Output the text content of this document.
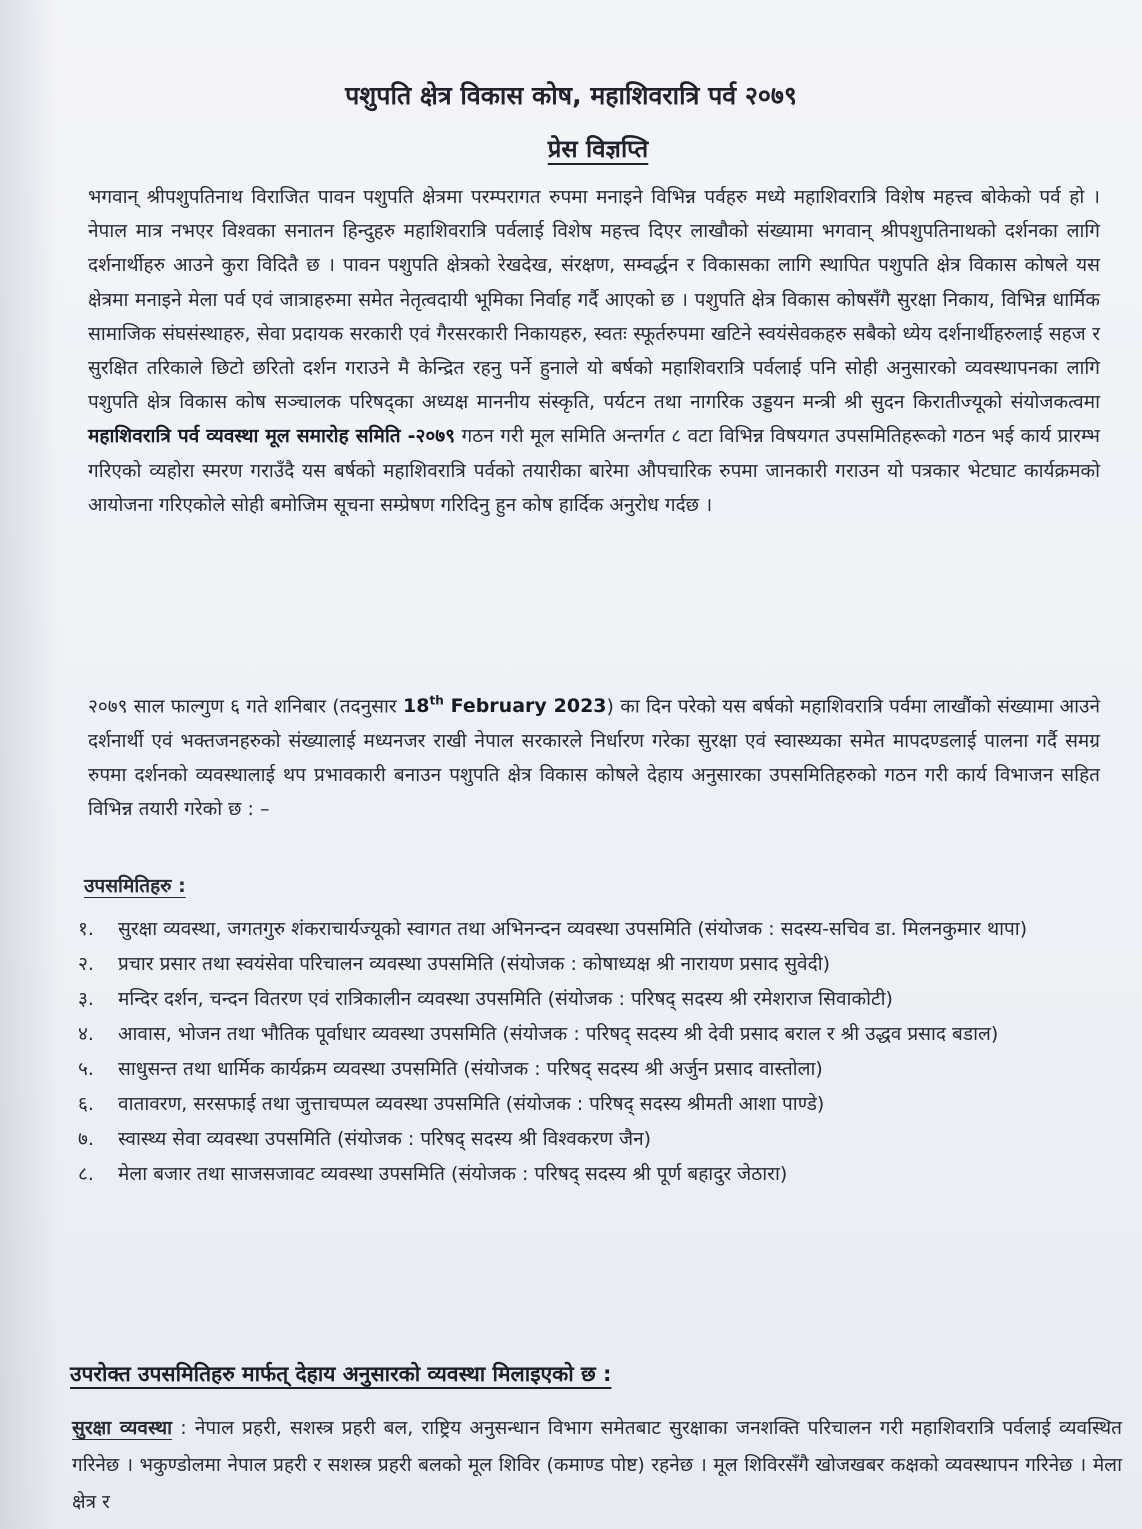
पशुपति क्षेत्र विकास कोष, महाशिवरात्रि पर्व २०७९
प्रेस विज्ञप्ति
भगवान् श्रीपशुपतिनाथ विराजित पावन पशुपति क्षेत्रमा परम्परागत रुपमा मनाइने विभिन्न पर्वहरु मध्ये महाशिवरात्रि विशेष महत्त्व बोकेको पर्व हो । नेपाल मात्र नभएर विश्वका सनातन हिन्दुहरु महाशिवरात्रि पर्वलाई विशेष महत्त्व दिएर लाखौको संख्यामा भगवान् श्रीपशुपतिनाथको दर्शनका लागि दर्शनार्थीहरु आउने कुरा विदितै छ । पावन पशुपति क्षेत्रको रेखदेख, संरक्षण, सम्वर्द्धन र विकासका लागि स्थापित पशुपति क्षेत्र विकास कोषले यस क्षेत्रमा मनाइने मेला पर्व एवं जात्राहरुमा समेत नेतृत्वदायी भूमिका निर्वाह गर्दै आएको छ । पशुपति क्षेत्र विकास कोषसँगै सुरक्षा निकाय, विभिन्न धार्मिक सामाजिक संघसंस्थाहरु, सेवा प्रदायक सरकारी एवं गैरसरकारी निकायहरु, स्वतः स्फूर्तरुपमा खटिने स्वयंसेवकहरु सबैको ध्येय दर्शनार्थीहरुलाई सहज र सुरक्षित तरिकाले छिटो छरितो दर्शन गराउने मै केन्द्रित रहनु पर्ने हुनाले यो बर्षको महाशिवरात्रि पर्वलाई पनि सोही अनुसारको व्यवस्थापनका लागि पशुपति क्षेत्र विकास कोष सञ्चालक परिषद्का अध्यक्ष माननीय संस्कृति, पर्यटन तथा नागरिक उड्डयन मन्त्री श्री सुदन किरातीज्यूको संयोजकत्वमा महाशिवरात्रि पर्व व्यवस्था मूल समारोह समिति -२०७९ गठन गरी मूल समिति अन्तर्गत ८ वटा विभिन्न विषयगत उपसमितिहरूको गठन भई कार्य प्रारम्भ गरिएको व्यहोरा स्मरण गराउँदै यस बर्षको महाशिवरात्रि पर्वको तयारीका बारेमा औपचारिक रुपमा जानकारी गराउन यो पत्रकार भेटघाट कार्यक्रमको आयोजना गरिएकोले सोही बमोजिम सूचना सम्प्रेषण गरिदिनु हुन कोष हार्दिक अनुरोध गर्दछ ।
२०७९ साल फाल्गुण ६ गते शनिबार (तदनुसार 18th February 2023) का दिन परेको यस बर्षको महाशिवरात्रि पर्वमा लाखौंको संख्यामा आउने दर्शनार्थी एवं भक्तजनहरुको संख्यालाई मध्यनजर राखी नेपाल सरकारले निर्धारण गरेका सुरक्षा एवं स्वास्थ्यका समेत मापदण्डलाई पालना गर्दै समग्र रुपमा दर्शनको व्यवस्थालाई थप प्रभावकारी बनाउन पशुपति क्षेत्र विकास कोषले देहाय अनुसारका उपसमितिहरुको गठन गरी कार्य विभाजन सहित विभिन्न तयारी गरेको छ : –
उपसमितिहरु :
१. सुरक्षा व्यवस्था, जगतगुरु शंकराचार्यज्यूको स्वागत तथा अभिनन्दन व्यवस्था उपसमिति (संयोजक : सदस्य-सचिव डा. मिलनकुमार थापा)
२. प्रचार प्रसार तथा स्वयंसेवा परिचालन व्यवस्था उपसमिति (संयोजक : कोषाध्यक्ष श्री नारायण प्रसाद सुवेदी)
३. मन्दिर दर्शन, चन्दन वितरण एवं रात्रिकालीन व्यवस्था उपसमिति (संयोजक : परिषद् सदस्य श्री रमेशराज सिवाकोटी)
४. आवास, भोजन तथा भौतिक पूर्वाधार व्यवस्था उपसमिति (संयोजक : परिषद् सदस्य श्री देवी प्रसाद बराल र श्री उद्धव प्रसाद बडाल)
५. साधुसन्त तथा धार्मिक कार्यक्रम व्यवस्था उपसमिति (संयोजक : परिषद् सदस्य श्री अर्जुन प्रसाद वास्तोला)
६. वातावरण, सरसफाई तथा जुत्ताचप्पल व्यवस्था उपसमिति (संयोजक : परिषद् सदस्य श्रीमती आशा पाण्डे)
७. स्वास्थ्य सेवा व्यवस्था उपसमिति (संयोजक : परिषद् सदस्य श्री विश्वकरण जैन)
८. मेला बजार तथा साजसजावट व्यवस्था उपसमिति (संयोजक : परिषद् सदस्य श्री पूर्ण बहादुर जेठारा)
उपरोक्त उपसमितिहरु मार्फत् देहाय अनुसारको व्यवस्था मिलाइएको छ :
सुरक्षा व्यवस्था : नेपाल प्रहरी, सशस्त्र प्रहरी बल, राष्ट्रिय अनुसन्धान विभाग समेतबाट सुरक्षाका जनशक्ति परिचालन गरी महाशिवरात्रि पर्वलाई व्यवस्थित गरिनेछ । भकुण्डोलमा नेपाल प्रहरी र सशस्त्र प्रहरी बलको मूल शिविर (कमाण्ड पोष्ट) रहनेछ । मूल शिविरसँगै खोजखबर कक्षको व्यवस्थापन गरिनेछ । मेला क्षेत्र र
